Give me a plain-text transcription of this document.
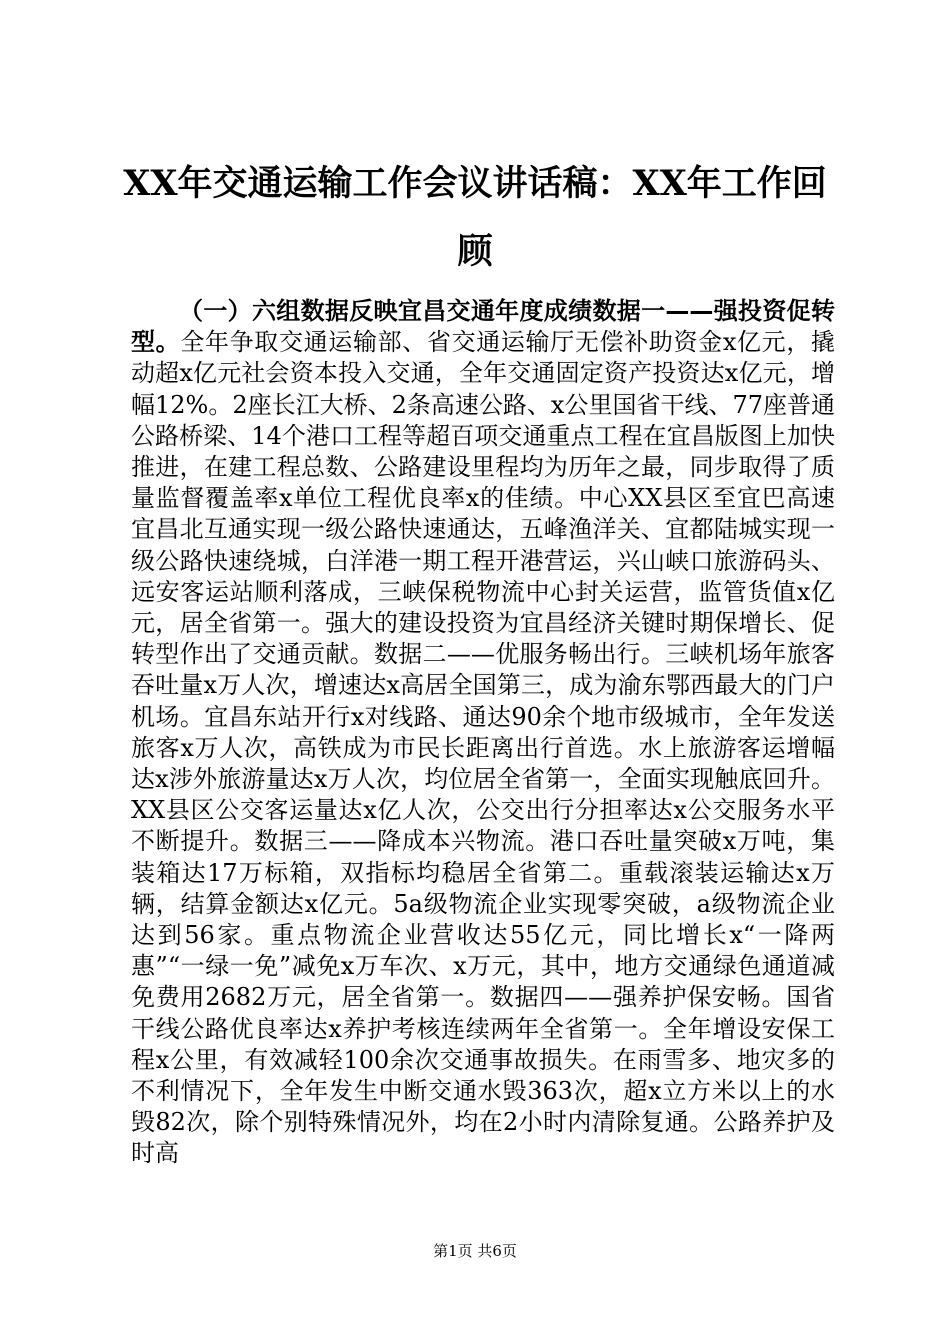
XX年交通运输工作会议讲话稿：XX年工作回
顾

（一）六组数据反映宜昌交通年度成绩数据一——强投资促转型。全年争取交通运输部、省交通运输厅无偿补助资金x亿元，撬动超x亿元社会资本投入交通，全年交通固定资产投资达x亿元，增幅12%。2座长江大桥、2条高速公路、x公里国省干线、77座普通公路桥梁、14个港口工程等超百项交通重点工程在宜昌版图上加快推进，在建工程总数、公路建设里程均为历年之最，同步取得了质量监督覆盖率x单位工程优良率x的佳绩。中心XX县区至宜巴高速宜昌北互通实现一级公路快速通达，五峰渔洋关、宜都陆城实现一级公路快速绕城，白洋港一期工程开港营运，兴山峡口旅游码头、远安客运站顺利落成，三峡保税物流中心封关运营，监管货值x亿元，居全省第一。强大的建设投资为宜昌经济关键时期保增长、促转型作出了交通贡献。数据二——优服务畅出行。三峡机场年旅客吞吐量x万人次，增速达x高居全国第三，成为渝东鄂西最大的门户机场。宜昌东站开行x对线路、通达90余个地市级城市，全年发送旅客x万人次，高铁成为市民长距离出行首选。水上旅游客运增幅达x涉外旅游量达x万人次，均位居全省第一，全面实现触底回升。XX县区公交客运量达x亿人次，公交出行分担率达x公交服务水平不断提升。数据三——降成本兴物流。港口吞吐量突破x万吨，集装箱达17万标箱，双指标均稳居全省第二。重载滚装运输达x万辆，结算金额达x亿元。5a级物流企业实现零突破，a级物流企业达到56家。重点物流企业营收达55亿元，同比增长x“一降两惠”“一绿一免”减免x万车次、x万元，其中，地方交通绿色通道减免费用2682万元，居全省第一。数据四——强养护保安畅。国省干线公路优良率达x养护考核连续两年全省第一。全年增设安保工程x公里，有效减轻100余次交通事故损失。在雨雪多、地灾多的不利情况下，全年发生中断交通水毁363次，超x立方米以上的水毁82次，除个别特殊情况外，均在2小时内清除复通。公路养护及时高

第1页 共6页
